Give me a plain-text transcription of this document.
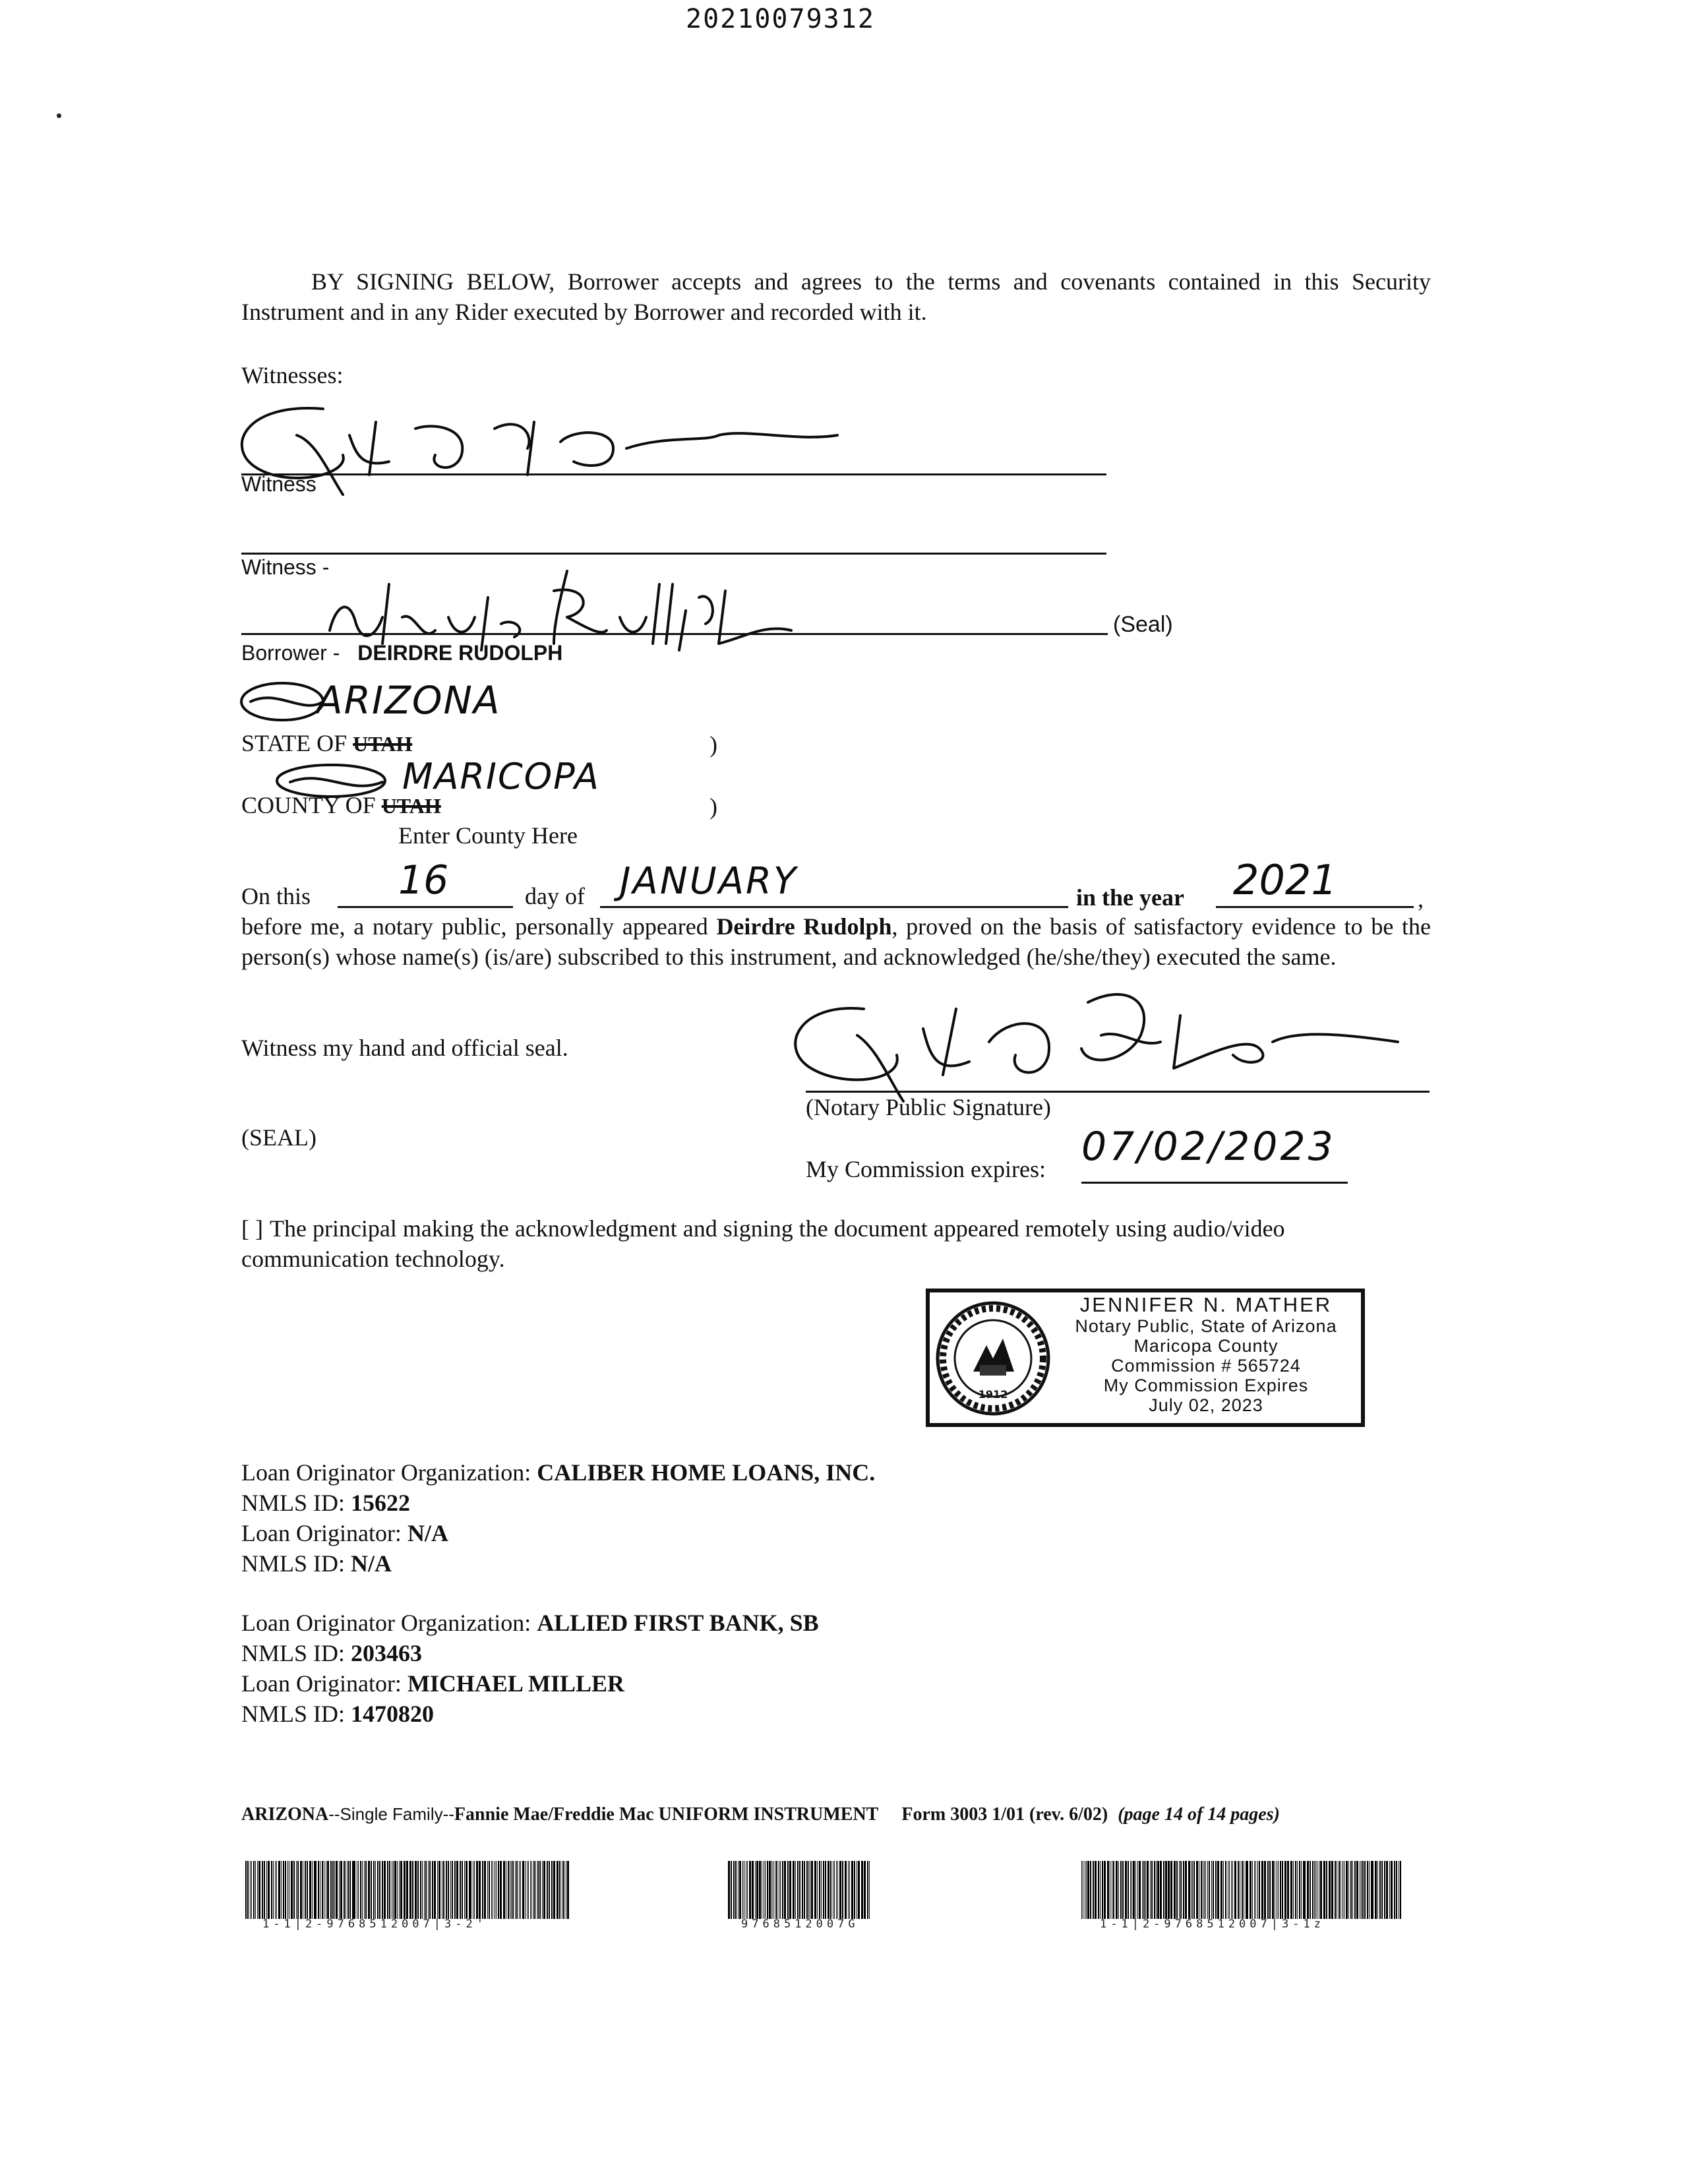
20210079312
BY SIGNING BELOW, Borrower accepts and agrees to the terms and covenants contained in this Security Instrument and in any Rider executed by Borrower and recorded with it.
Witnesses:
Witness
Witness -
(Seal)
Borrower - DEIRDRE RUDOLPH
ARIZONA
STATE OF UTAH	)
MARICOPA
COUNTY OF UTAH	)
Enter County Here
On this 16	day of JANUARY	in the year 2021	,
before me, a notary public, personally appeared Deirdre Rudolph, proved on the basis of satisfactory evidence to be the person(s) whose name(s) (is/are) subscribed to this instrument, and acknowledged (he/she/they) executed the same.
Witness my hand and official seal.
(Notary Public Signature)
(SEAL)
My Commission expires: 07/02/2023
[ ] The principal making the acknowledgment and signing the document appeared remotely using audio/video communication technology.
1912
JENNIFER N. MATHER
Notary Public, State of Arizona
Maricopa County
Commission # 565724
My Commission Expires
July 02, 2023
Loan Originator Organization: CALIBER HOME LOANS, INC.
NMLS ID: 15622
Loan Originator: N/A
NMLS ID: N/A
Loan Originator Organization: ALLIED FIRST BANK, SB
NMLS ID: 203463
Loan Originator: MICHAEL MILLER
NMLS ID: 1470820
ARIZONA--Single Family--Fannie Mae/Freddie Mac UNIFORM INSTRUMENT Form 3003 1/01 (rev. 6/02) (page 14 of 14 pages)
1-1|2-9768512007|3-2'	9768512007G	1-1|2-9768512007|3-1z
